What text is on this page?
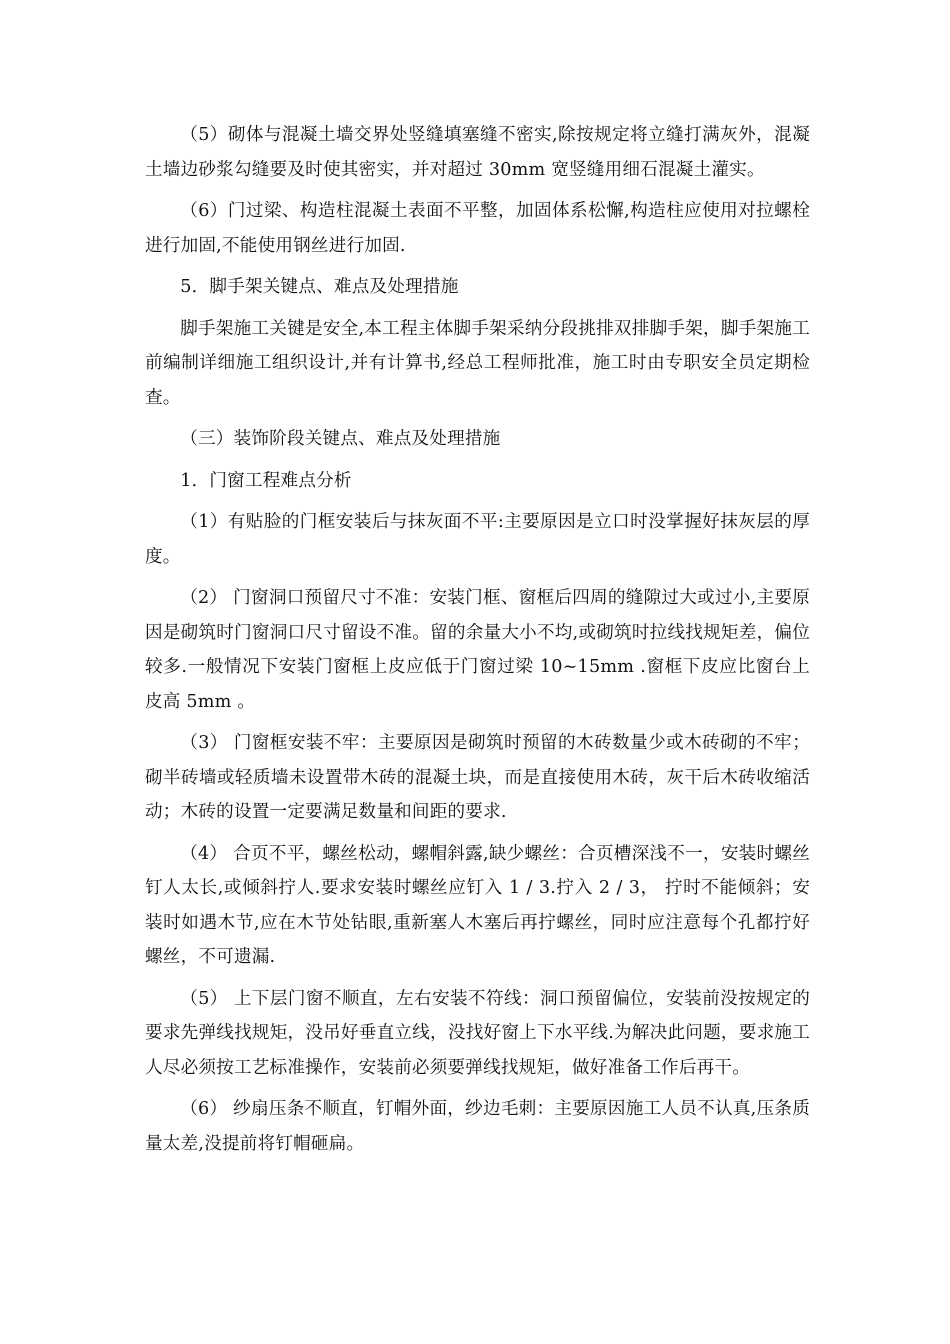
（5）砌体与混凝土墙交界处竖缝填塞缝不密实,除按规定将立缝打满灰外，混凝土墙边砂浆勾缝要及时使其密实，并对超过 30mm 宽竖缝用细石混凝土灌实。

（6）门过梁、构造柱混凝土表面不平整，加固体系松懈,构造柱应使用对拉螺栓进行加固,不能使用钢丝进行加固.

5．脚手架关键点、难点及处理措施

脚手架施工关键是安全,本工程主体脚手架采纳分段挑排双排脚手架，脚手架施工前编制详细施工组织设计,并有计算书,经总工程师批准，施工时由专职安全员定期检查。

（三）装饰阶段关键点、难点及处理措施

1．门窗工程难点分析

（1）有贴脸的门框安装后与抹灰面不平:主要原因是立口时没掌握好抹灰层的厚度。

（2） 门窗洞口预留尺寸不准：安装门框、窗框后四周的缝隙过大或过小,主要原因是砌筑时门窗洞口尺寸留设不准。留的余量大小不均,或砌筑时拉线找规矩差，偏位较多.一般情况下安装门窗框上皮应低于门窗过梁 10~15mm .窗框下皮应比窗台上皮高 5mm 。

（3） 门窗框安装不牢：主要原因是砌筑时预留的木砖数量少或木砖砌的不牢；砌半砖墙或轻质墙未设置带木砖的混凝土块，而是直接使用木砖，灰干后木砖收缩活动；木砖的设置一定要满足数量和间距的要求.

（4） 合页不平，螺丝松动，螺帽斜露,缺少螺丝：合页槽深浅不一，安装时螺丝钉人太长,或倾斜拧人.要求安装时螺丝应钉入 1 / 3.拧入 2 / 3， 拧时不能倾斜；安装时如遇木节,应在木节处钻眼,重新塞人木塞后再拧螺丝，同时应注意每个孔都拧好螺丝，不可遗漏.

（5） 上下层门窗不顺直，左右安装不符线：洞口预留偏位，安装前没按规定的要求先弹线找规矩，没吊好垂直立线，没找好窗上下水平线.为解决此问题，要求施工人尽必须按工艺标准操作，安装前必须要弹线找规矩，做好准备工作后再干。

（6） 纱扇压条不顺直，钉帽外面，纱边毛刺：主要原因施工人员不认真,压条质量太差,没提前将钉帽砸扁。
